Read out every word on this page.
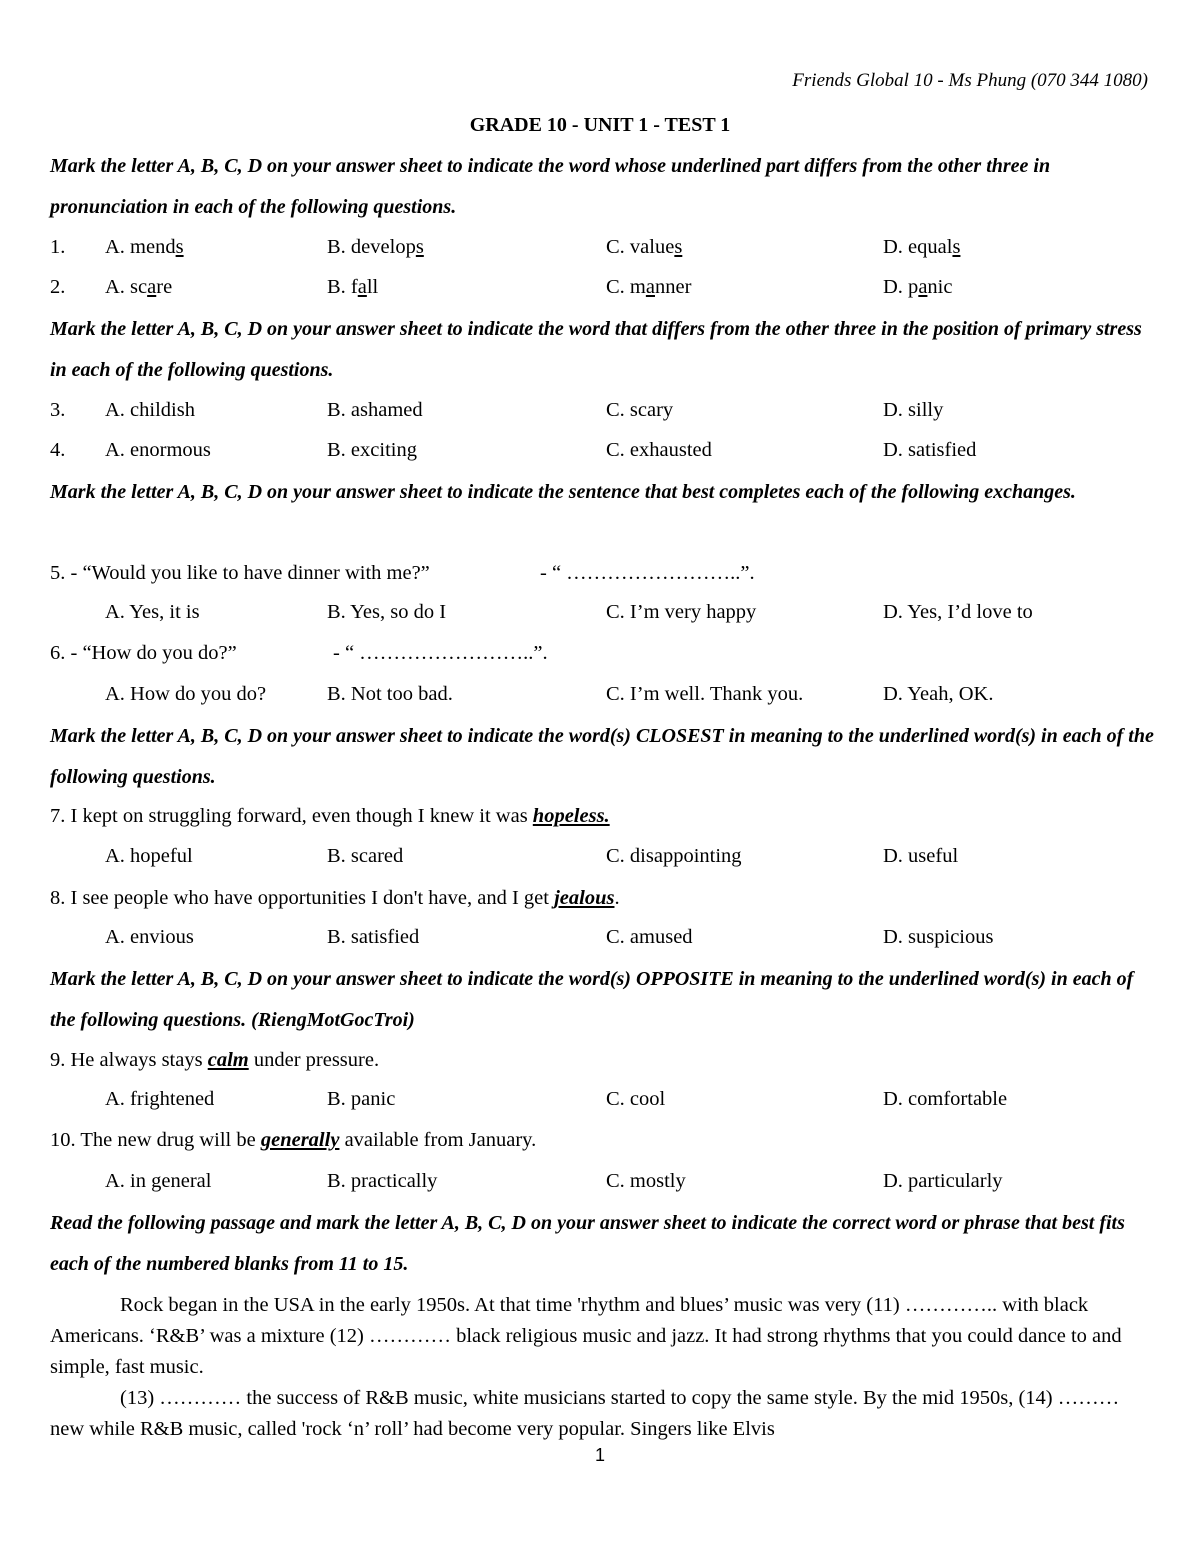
Friends Global 10 - Ms Phung (070 344 1080)
GRADE 10 - UNIT 1 - TEST 1
Mark the letter A, B, C, D on your answer sheet to indicate the word whose underlined part differs from the other three in pronunciation in each of the following questions.
1. A. mends	B. develops	C. values	D. equals
2. A. scare	B. fall	C. manner	D. panic
Mark the letter A, B, C, D on your answer sheet to indicate the word that differs from the other three in the position of primary stress in each of the following questions.
3. A. childish	B. ashamed	C. scary	D. silly
4. A. enormous	B. exciting	C. exhausted	D. satisfied
Mark the letter A, B, C, D on your answer sheet to indicate the sentence that best completes each of the following exchanges.
5. - “Would you like to have dinner with me?”	- “ ……………………..”.
A. Yes, it is	B. Yes, so do I	C. I’m very happy	D. Yes, I’d love to
6. - “How do you do?”	- “ ……………………..”.
A. How do you do?	B. Not too bad.	C. I’m well. Thank you.	D. Yeah, OK.
Mark the letter A, B, C, D on your answer sheet to indicate the word(s) CLOSEST in meaning to the underlined word(s) in each of the following questions.
7. I kept on struggling forward, even though I knew it was hopeless.
A. hopeful	B. scared	C. disappointing	D. useful
8. I see people who have opportunities I don't have, and I get jealous.
A. envious	B. satisfied	C. amused	D. suspicious
Mark the letter A, B, C, D on your answer sheet to indicate the word(s) OPPOSITE in meaning to the underlined word(s) in each of the following questions. (RiengMotGocTroi)
9. He always stays calm under pressure.
A. frightened	B. panic	C. cool	D. comfortable
10. The new drug will be generally available from January.
A. in general	B. practically	C. mostly	D. particularly
Read the following passage and mark the letter A, B, C, D on your answer sheet to indicate the correct word or phrase that best fits each of the numbered blanks from 11 to 15.

Rock began in the USA in the early 1950s. At that time 'rhythm and blues’ music was very (11) ………….. with black Americans. ‘R&B’ was a mixture (12) ………… black religious music and jazz. It had strong rhythms that you could dance to and simple, fast music.

(13) ………… the success of R&B music, white musicians started to copy the same style. By the mid 1950s, (14) ……… new while R&B music, called 'rock ‘n’ roll’ had become very popular. Singers like Elvis

1
